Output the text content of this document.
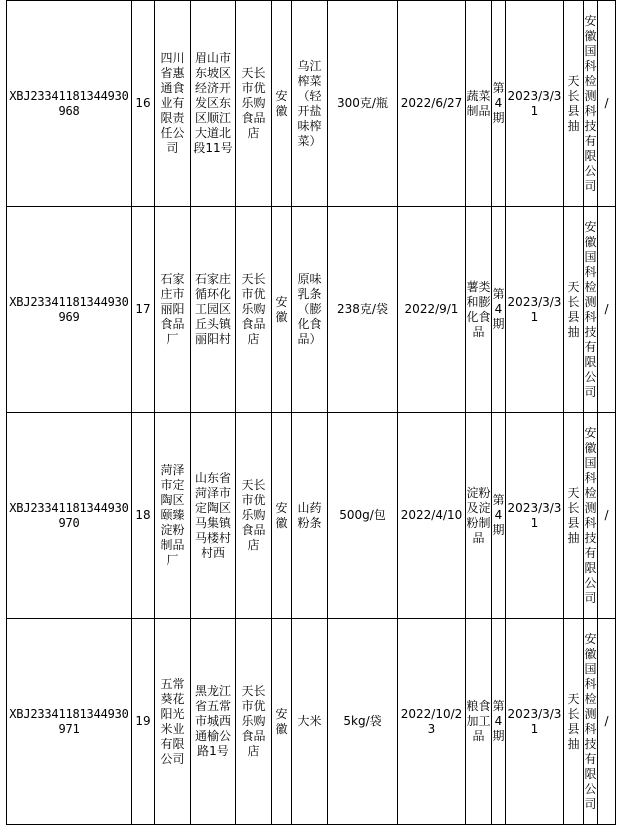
XBJ23341181344930968	16	四川省惠通食业有限责任公司	眉山市东坡区经济开发区东区顺江大道北段11号	天长市优乐购食品店	安徽	乌江榨菜（轻开盐味榨菜）	300克/瓶	2022/6/27	蔬菜制品	第4期	2023/3/31	天长县抽	安徽国科检测科技有限公司	/
XBJ23341181344930969	17	石家庄市丽阳食品厂	石家庄循环化工园区丘头镇丽阳村	天长市优乐购食品店	安徽	原味乳条（膨化食品）	238克/袋	2022/9/1	薯类和膨化食品	第4期	2023/3/31	天长县抽	安徽国科检测科技有限公司	/
XBJ23341181344930970	18	菏泽市定陶区颐臻淀粉制品厂	山东省菏泽市定陶区马集镇马楼村村西	天长市优乐购食品店	安徽	山药粉条	500g/包	2022/4/10	淀粉及淀粉制品	第4期	2023/3/31	天长县抽	安徽国科检测科技有限公司	/
XBJ23341181344930971	19	五常葵花阳光米业有限公司	黑龙江省五常市城西通榆公路1号	天长市优乐购食品店	安徽	大米	5kg/袋	2022/10/23	粮食加工品	第4期	2023/3/31	天长县抽	安徽国科检测科技有限公司	/
